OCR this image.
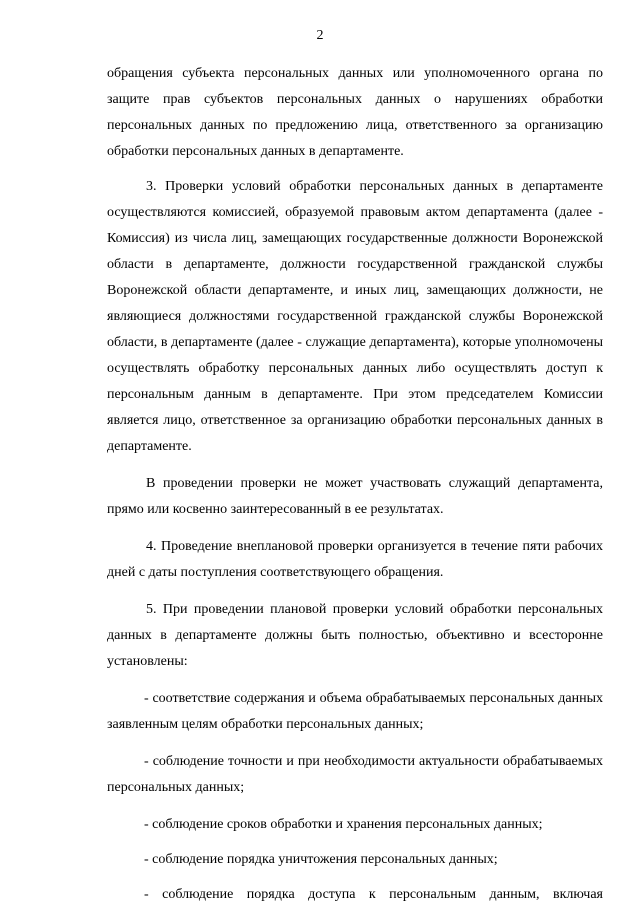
2

обращения субъекта персональных данных или уполномоченного органа по защите прав субъектов персональных данных о нарушениях обработки персональных данных по предложению лица, ответственного за организацию обработки персональных данных в департаменте.

3. Проверки условий обработки персональных данных в департаменте осуществляются комиссией, образуемой правовым актом департамента (далее - Комиссия) из числа лиц, замещающих государственные должности Воронежской области в департаменте, должности государственной гражданской службы Воронежской области департаменте, и иных лиц, замещающих должности, не являющиеся должностями государственной гражданской службы Воронежской области, в департаменте (далее - служащие департамента), которые уполномочены осуществлять обработку персональных данных либо осуществлять доступ к персональным данным в департаменте. При этом председателем Комиссии является лицо, ответственное за организацию обработки персональных данных в департаменте.

В проведении проверки не может участвовать служащий департамента, прямо или косвенно заинтересованный в ее результатах.

4. Проведение внеплановой проверки организуется в течение пяти рабочих дней с даты поступления соответствующего обращения.

5. При проведении плановой проверки условий обработки персональных данных в департаменте должны быть полностью, объективно и всесторонне установлены:

- соответствие содержания и объема обрабатываемых персональных данных заявленным целям обработки персональных данных;

- соблюдение точности и при необходимости актуальности обрабатываемых персональных данных;

- соблюдение сроков обработки и хранения персональных данных;

- соблюдение порядка уничтожения персональных данных;

- соблюдение порядка доступа к персональным данным, включая
